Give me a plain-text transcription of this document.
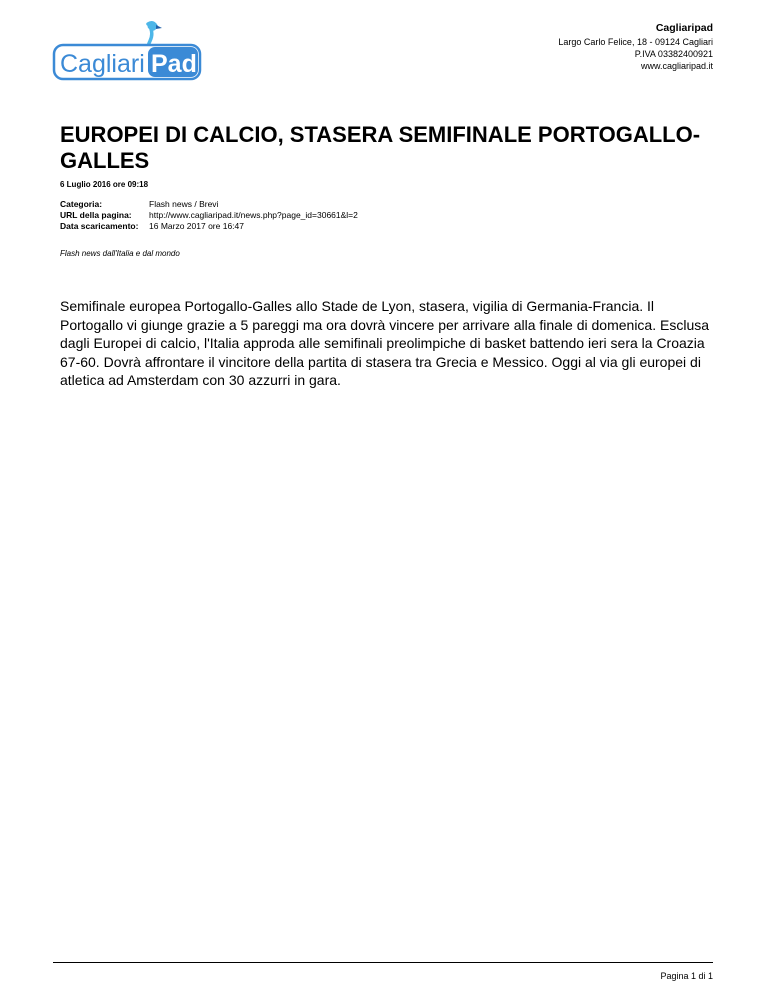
Cagliari Pad
Cagliaripad
Largo Carlo Felice, 18 - 09124 Cagliari
P.IVA 03382400921
www.cagliaripad.it
EUROPEI DI CALCIO, STASERA SEMIFINALE PORTOGALLO-GALLES
6 Luglio 2016 ore 09:18
Categoria:	Flash news / Brevi
URL della pagina:	http://www.cagliaripad.it/news.php?page_id=30661&l=2
Data scaricamento:	16 Marzo 2017 ore 16:47
Flash news dall'Italia e dal mondo

Semifinale europea Portogallo-Galles allo Stade de Lyon, stasera, vigilia di Germania-Francia. Il Portogallo vi giunge grazie a 5 pareggi ma ora dovrà vincere per arrivare alla finale di domenica. Esclusa dagli Europei di calcio, l'Italia approda alle semifinali preolimpiche di basket battendo ieri sera la Croazia 67-60. Dovrà affrontare il vincitore della partita di stasera tra Grecia e Messico. Oggi al via gli europei di atletica ad Amsterdam con 30 azzurri in gara.

Pagina 1 di 1
